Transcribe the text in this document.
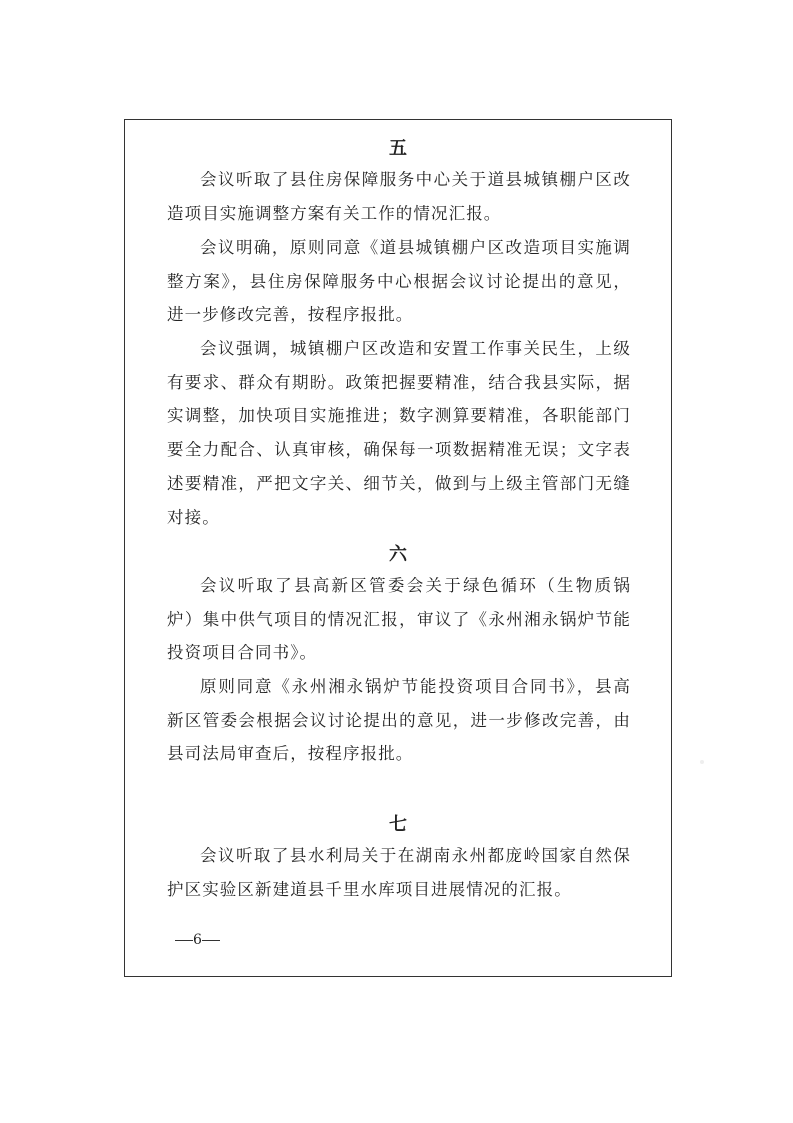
五

会议听取了县住房保障服务中心关于道县城镇棚户区改造项目实施调整方案有关工作的情况汇报。

会议明确，原则同意《道县城镇棚户区改造项目实施调整方案》，县住房保障服务中心根据会议讨论提出的意见，进一步修改完善，按程序报批。

会议强调，城镇棚户区改造和安置工作事关民生，上级有要求、群众有期盼。政策把握要精准，结合我县实际，据实调整，加快项目实施推进；数字测算要精准，各职能部门要全力配合、认真审核，确保每一项数据精准无误；文字表述要精准，严把文字关、细节关，做到与上级主管部门无缝对接。

六

会议听取了县高新区管委会关于绿色循环（生物质锅炉）集中供气项目的情况汇报，审议了《永州湘永锅炉节能投资项目合同书》。

原则同意《永州湘永锅炉节能投资项目合同书》，县高新区管委会根据会议讨论提出的意见，进一步修改完善，由县司法局审查后，按程序报批。

七

会议听取了县水利局关于在湖南永州都庞岭国家自然保护区实验区新建道县千里水库项目进展情况的汇报。

6
